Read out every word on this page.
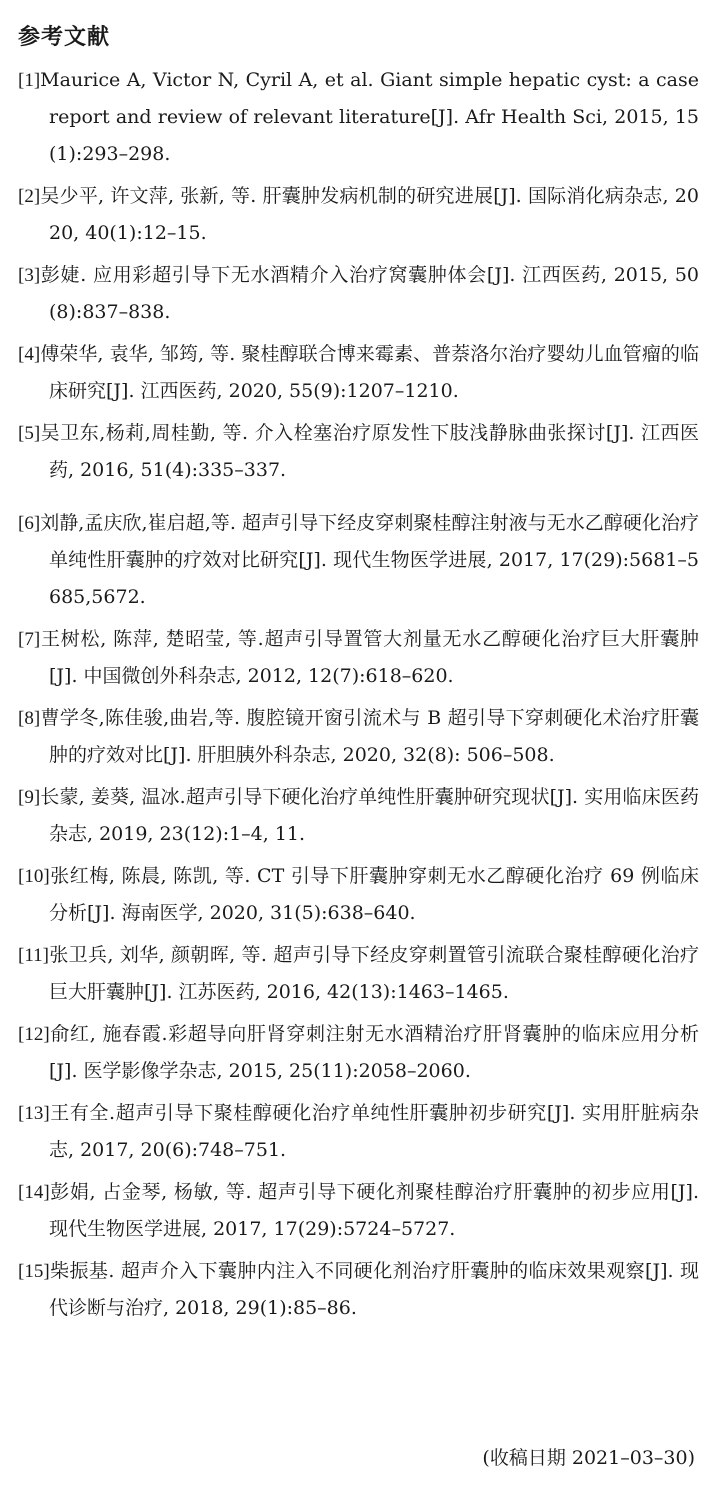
参考文献
[1]Maurice A, Victor N, Cyril A, et al. Giant simple hepatic cyst: a case report and review of relevant literature[J]. Afr Health Sci, 2015, 15(1):293–298.
[2]吴少平, 许文萍, 张新, 等. 肝囊肿发病机制的研究进展[J]. 国际消化病杂志, 2020, 40(1):12–15.
[3]彭婕. 应用彩超引导下无水酒精介入治疗窝囊肿体会[J]. 江西医药, 2015, 50(8):837–838.
[4]傅荣华, 袁华, 邹筠, 等. 聚桂醇联合博来霉素、普萘洛尔治疗婴幼儿血管瘤的临床研究[J]. 江西医药, 2020, 55(9):1207–1210.
[5]吴卫东,杨莉,周桂勤, 等. 介入栓塞治疗原发性下肢浅静脉曲张探讨[J]. 江西医药, 2016, 51(4):335–337.
[6]刘静,孟庆欣,崔启超,等. 超声引导下经皮穿刺聚桂醇注射液与无水乙醇硬化治疗单纯性肝囊肿的疗效对比研究[J]. 现代生物医学进展, 2017, 17(29):5681–5685,5672.
[7]王树松, 陈萍, 楚昭莹, 等.超声引导置管大剂量无水乙醇硬化治疗巨大肝囊肿[J]. 中国微创外科杂志, 2012, 12(7):618–620.
[8]曹学冬,陈佳骏,曲岩,等. 腹腔镜开窗引流术与 B 超引导下穿刺硬化术治疗肝囊肿的疗效对比[J]. 肝胆胰外科杂志, 2020, 32(8): 506–508.
[9]长蒙, 姜葵, 温冰.超声引导下硬化治疗单纯性肝囊肿研究现状[J]. 实用临床医药杂志, 2019, 23(12):1–4, 11.
[10]张红梅, 陈晨, 陈凯, 等. CT 引导下肝囊肿穿刺无水乙醇硬化治疗 69 例临床分析[J]. 海南医学, 2020, 31(5):638–640.
[11]张卫兵, 刘华, 颜朝晖, 等. 超声引导下经皮穿刺置管引流联合聚桂醇硬化治疗巨大肝囊肿[J]. 江苏医药, 2016, 42(13):1463–1465.
[12]俞红, 施春霞.彩超导向肝肾穿刺注射无水酒精治疗肝肾囊肿的临床应用分析[J]. 医学影像学杂志, 2015, 25(11):2058–2060.
[13]王有全.超声引导下聚桂醇硬化治疗单纯性肝囊肿初步研究[J]. 实用肝脏病杂志, 2017, 20(6):748–751.
[14]彭娟, 占金琴, 杨敏, 等. 超声引导下硬化剂聚桂醇治疗肝囊肿的初步应用[J]. 现代生物医学进展, 2017, 17(29):5724–5727.
[15]柴振基. 超声介入下囊肿内注入不同硬化剂治疗肝囊肿的临床效果观察[J]. 现代诊断与治疗, 2018, 29(1):85–86.
(收稿日期 2021–03–30)
